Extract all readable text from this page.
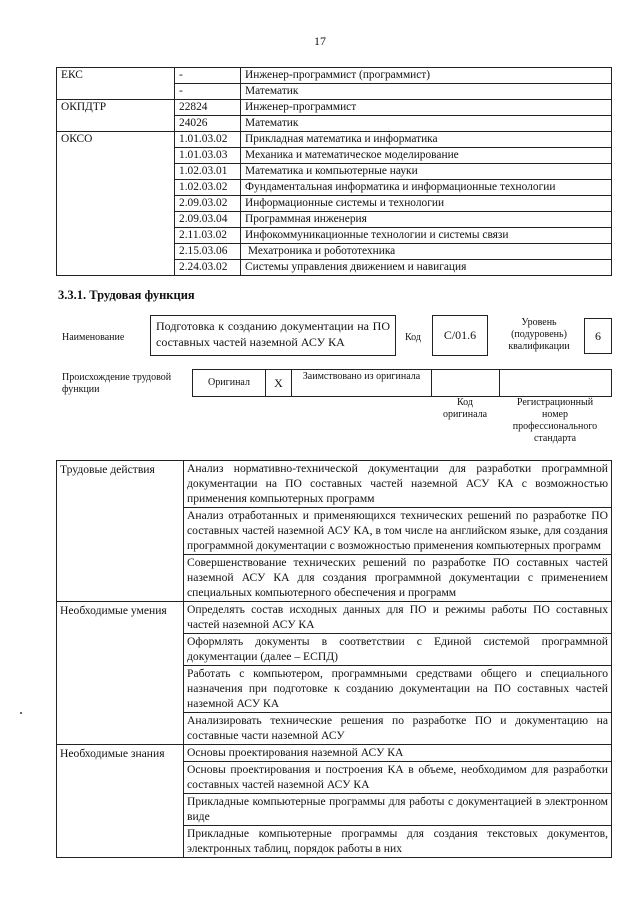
17
ЕКС	-	Инженер-программист (программист)
	-	Математик
ОКПДТР	22824	Инженер-программист
	24026	Математик
ОКСО	1.01.03.02	Прикладная математика и информатика
	1.01.03.03	Механика и математическое моделирование
	1.02.03.01	Математика и компьютерные науки
	1.02.03.02	Фундаментальная информатика и информационные технологии
	2.09.03.02	Информационные системы и технологии
	2.09.03.04	Программная инженерия
	2.11.03.02	Инфокоммуникационные технологии и системы связи
	2.15.03.06	Мехатроника и робототехника
	2.24.03.02	Системы управления движением и навигация
3.3.1. Трудовая функция
Наименование
Подготовка к созданию документации на ПО составных частей наземной АСУ КА	Код	C/01.6
Уровень (подуровень) квалификации
6
Происхождение трудовой функции
Оригинал	X	Заимствовано из оригинала
Код оригинала
Регистрационный номер профессионального стандарта
Трудовые действия	Анализ нормативно-технической документации для разработки программной документации на ПО составных частей наземной АСУ КА с возможностью применения компьютерных программ
	Анализ отработанных и применяющихся технических решений по разработке ПО составных частей наземной АСУ КА, в том числе на английском языке, для создания программной документации с возможностью применения компьютерных программ
	Совершенствование технических решений по разработке ПО составных частей наземной АСУ КА для создания программной документации с применением специальных компьютерного обеспечения и программ
Необходимые умения	Определять состав исходных данных для ПО и режимы работы ПО составных частей наземной АСУ КА
	Оформлять документы в соответствии с Единой системой программной документации (далее – ЕСПД)
	Работать с компьютером, программными средствами общего и специального назначения при подготовке к созданию документации на ПО составных частей наземной АСУ КА
	Анализировать технические решения по разработке ПО и документацию на составные части наземной АСУ
Необходимые знания	Основы проектирования наземной АСУ КА
	Основы проектирования и построения КА в объеме, необходимом для разработки составных частей наземной АСУ КА
	Прикладные компьютерные программы для работы с документацией в электронном виде
	Прикладные компьютерные программы для создания текстовых документов, электронных таблиц, порядок работы в них
